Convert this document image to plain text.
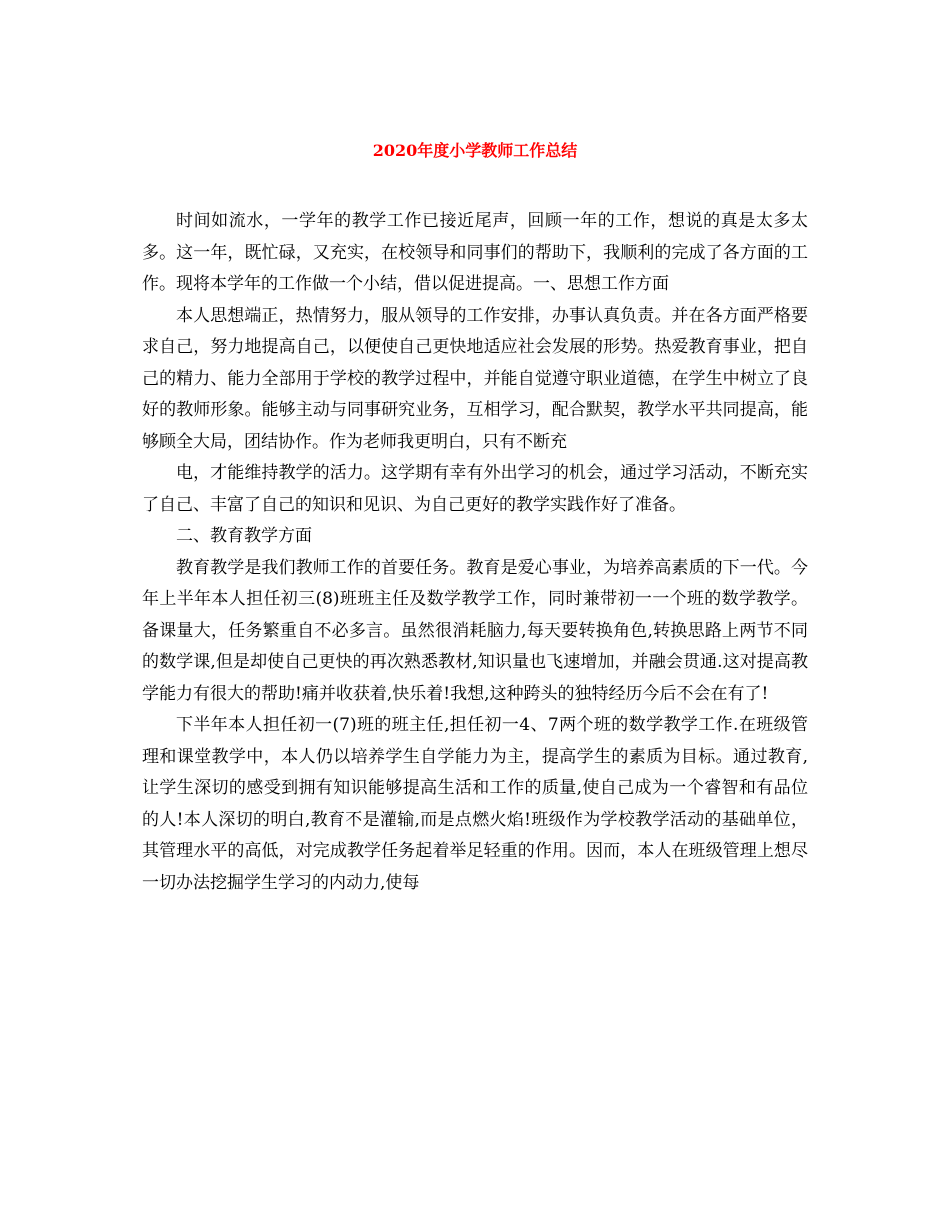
2020年度小学教师工作总结

时间如流水，一学年的教学工作已接近尾声，回顾一年的工作，想说的真是太多太多。这一年，既忙碌，又充实，在校领导和同事们的帮助下，我顺利的完成了各方面的工作。现将本学年的工作做一个小结，借以促进提高。一、思想工作方面

本人思想端正，热情努力，服从领导的工作安排，办事认真负责。并在各方面严格要求自己，努力地提高自己，以便使自己更快地适应社会发展的形势。热爱教育事业，把自己的精力、能力全部用于学校的教学过程中，并能自觉遵守职业道德，在学生中树立了良好的教师形象。能够主动与同事研究业务，互相学习，配合默契，教学水平共同提高，能够顾全大局，团结协作。作为老师我更明白，只有不断充

电，才能维持教学的活力。这学期有幸有外出学习的机会，通过学习活动，不断充实了自己、丰富了自己的知识和见识、为自己更好的教学实践作好了准备。

二、教育教学方面

教育教学是我们教师工作的首要任务。教育是爱心事业，为培养高素质的下一代。今年上半年本人担任初三(8)班班主任及数学教学工作，同时兼带初一一个班的数学教学。备课量大，任务繁重自不必多言。虽然很消耗脑力,每天要转换角色,转换思路上两节不同的数学课,但是却使自己更快的再次熟悉教材,知识量也飞速增加，并融会贯通.这对提高教学能力有很大的帮助!痛并收获着,快乐着!我想,这种跨头的独特经历今后不会在有了!

下半年本人担任初一(7)班的班主任,担任初一4、7两个班的数学教学工作.在班级管理和课堂教学中，本人仍以培养学生自学能力为主，提高学生的素质为目标。通过教育,让学生深切的感受到拥有知识能够提高生活和工作的质量,使自己成为一个睿智和有品位的人!本人深切的明白,教育不是灌输,而是点燃火焰!班级作为学校教学活动的基础单位，其管理水平的高低，对完成教学任务起着举足轻重的作用。因而，本人在班级管理上想尽一切办法挖掘学生学习的内动力,使每
